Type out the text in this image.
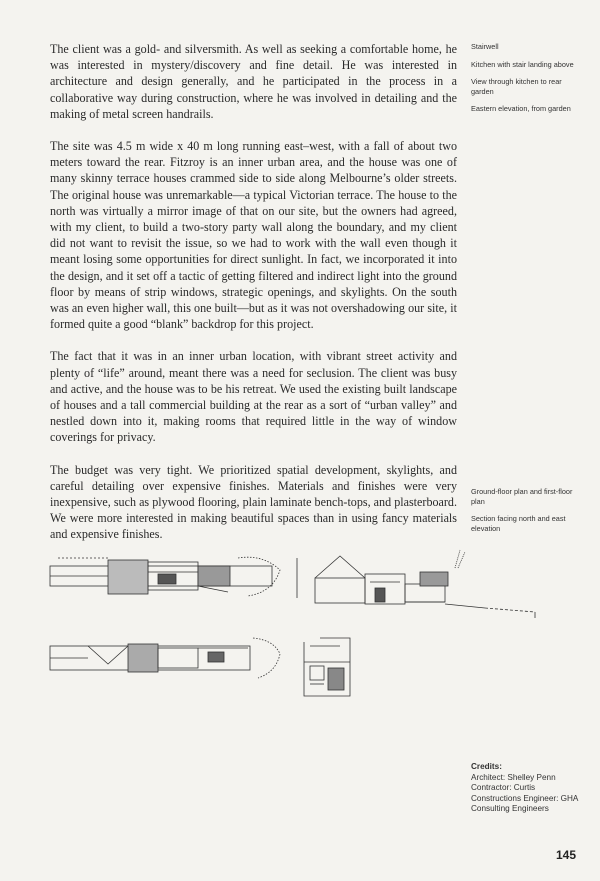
The client was a gold- and silversmith. As well as seeking a comfortable home, he was interested in mystery/discovery and fine detail. He was interested in architecture and design generally, and he participated in the process in a collaborative way during construction, where he was involved in detailing and the making of metal screen handrails.

The site was 4.5 m wide x 40 m long running east–west, with a fall of about two meters toward the rear. Fitzroy is an inner urban area, and the house was one of many skinny terrace houses crammed side to side along Melbourne’s older streets. The original house was unremarkable—a typical Victorian terrace. The house to the north was virtually a mirror image of that on our site, but the owners had agreed, with my client, to build a two-story party wall along the boundary, and my client did not want to revisit the issue, so we had to work with the wall even though it meant losing some opportunities for direct sunlight. In fact, we incorporated it into the design, and it set off a tactic of getting filtered and indirect light into the ground floor by means of strip windows, strategic openings, and skylights. On the south was an even higher wall, this one built—but as it was not overshadowing our site, it formed quite a good “blank” backdrop for this project.

The fact that it was in an inner urban location, with vibrant street activity and plenty of “life” around, meant there was a need for seclusion. The client was busy and active, and the house was to be his retreat. We used the existing built landscape of houses and a tall commercial building at the rear as a sort of “urban valley” and nestled down into it, making rooms that required little in the way of window coverings for privacy.

The budget was very tight. We prioritized spatial development, skylights, and careful detailing over expensive finishes. Materials and finishes were very inexpensive, such as plywood flooring, plain laminate bench-tops, and plasterboard. We were more interested in making beautiful spaces than in using fancy materials and expensive finishes.

Stairwell
Kitchen with stair landing above
View through kitchen to rear garden
Eastern elevation, from garden
Ground-floor plan and first-floor plan
Section facing north and east elevation
Credits:
Architect: Shelley Penn
Contractor: Curtis
Constructions Engineer: GHA
Consulting Engineers
145
